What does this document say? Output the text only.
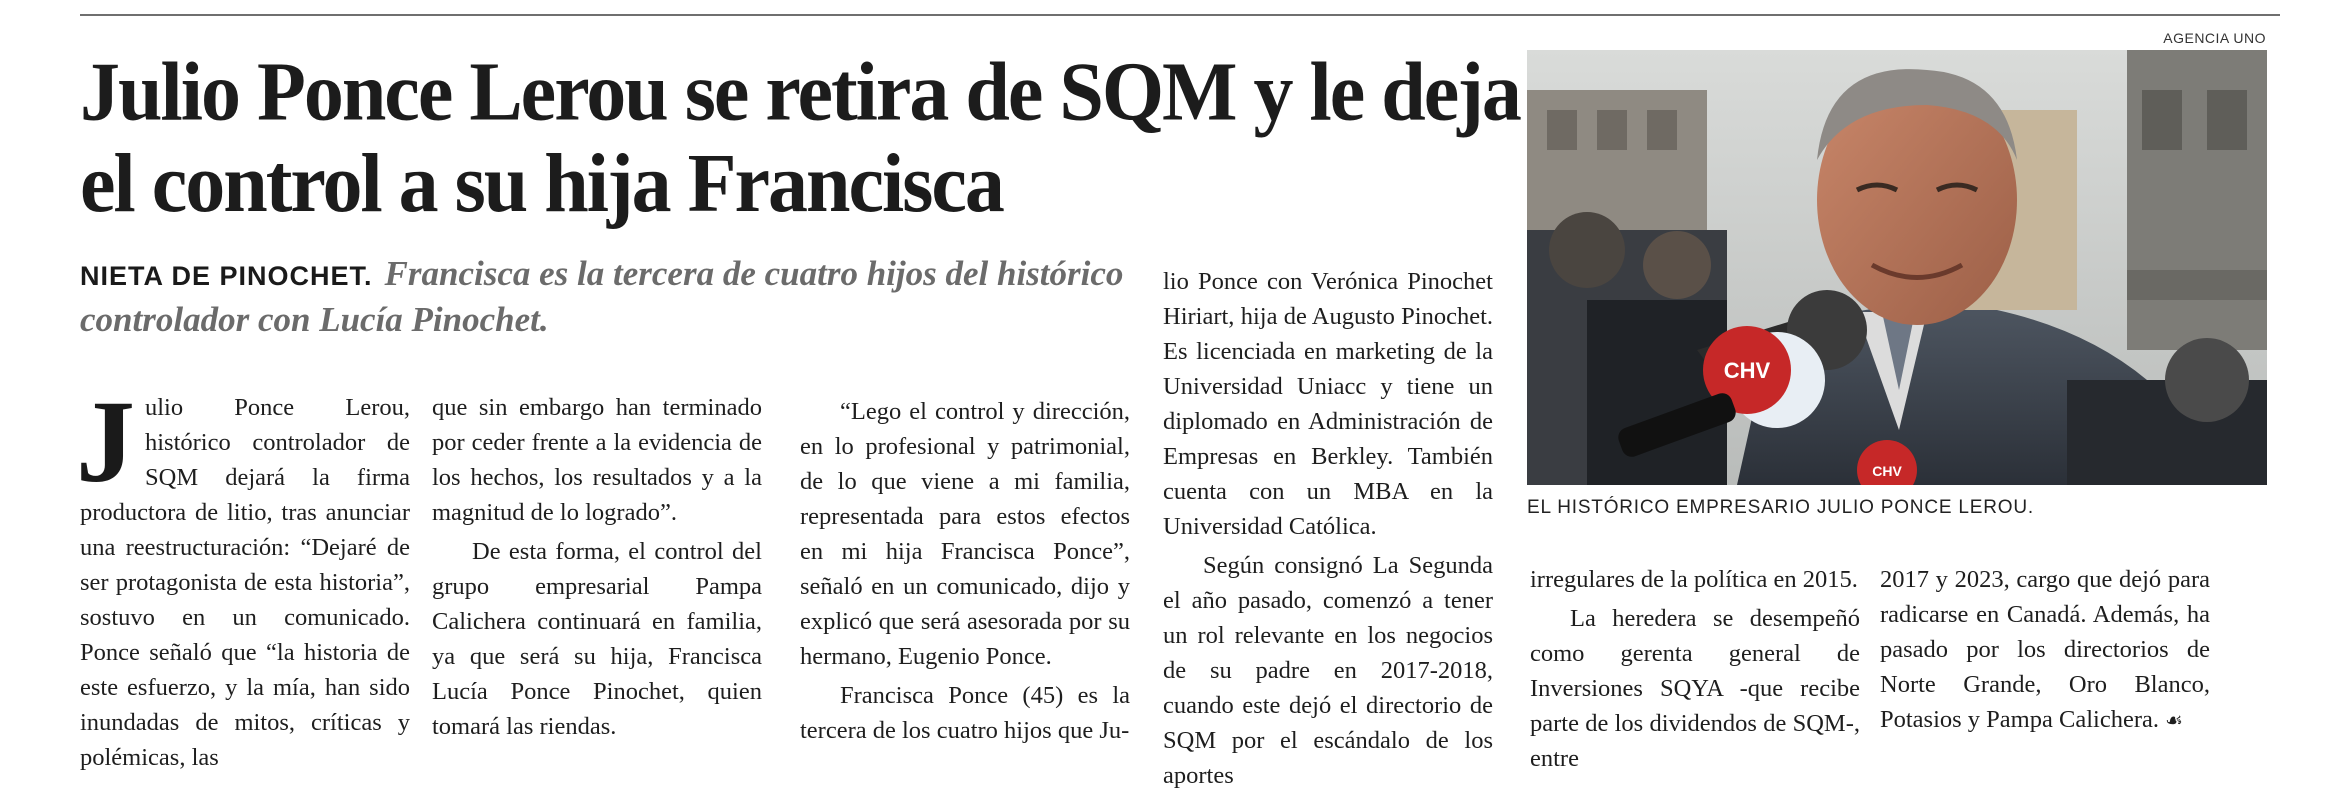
Julio Ponce Lerou se retira de SQM y le deja el control a su hija Francisca
NIETA DE PINOCHET. Francisca es la tercera de cuatro hijos del histórico controlador con Lucía Pinochet.
J ulio Ponce Lerou, histórico controlador de SQM dejará la firma productora de litio, tras anunciar una reestructuración: “Dejaré de ser protagonista de esta historia”, sostuvo en un comunicado. Ponce señaló que “la historia de este esfuerzo, y la mía, han sido inundadas de mitos, críticas y polémicas, las

que sin embargo han terminado por ceder frente a la evidencia de los hechos, los resultados y a la magnitud de lo logrado”.

De esta forma, el control del grupo empresarial Pampa Calichera continuará en familia, ya que será su hija, Francisca Lucía Ponce Pinochet, quien tomará las riendas.

“Lego el control y dirección, en lo profesional y patrimonial, de lo que viene a mi familia, representada para estos efectos en mi hija Francisca Ponce”, señaló en un comunicado, dijo y explicó que será asesorada por su hermano, Eugenio Ponce.

Francisca Ponce (45) es la tercera de los cuatro hijos que Ju-

lio Ponce con Verónica Pinochet Hiriart, hija de Augusto Pinochet. Es licenciada en marketing de la Universidad Uniacc y tiene un diplomado en Administración de Empresas en Berkley. También cuenta con un MBA en la Universidad Católica.

Según consignó La Segunda el año pasado, comenzó a tener un rol relevante en los negocios de su padre en 2017-2018, cuando este dejó el directorio de SQM por el escándalo de los aportes

irregulares de la política en 2015.

La heredera se desempeñó como gerenta general de Inversiones SQYA -que recibe parte de los dividendos de SQM-, entre

2017 y 2023, cargo que dejó para radicarse en Canadá. Además, ha pasado por los directorios de Norte Grande, Oro Blanco, Potasios y Pampa Calichera. ☙

AGENCIA UNO
CHV
CHV
EL HISTÓRICO EMPRESARIO JULIO PONCE LEROU.
